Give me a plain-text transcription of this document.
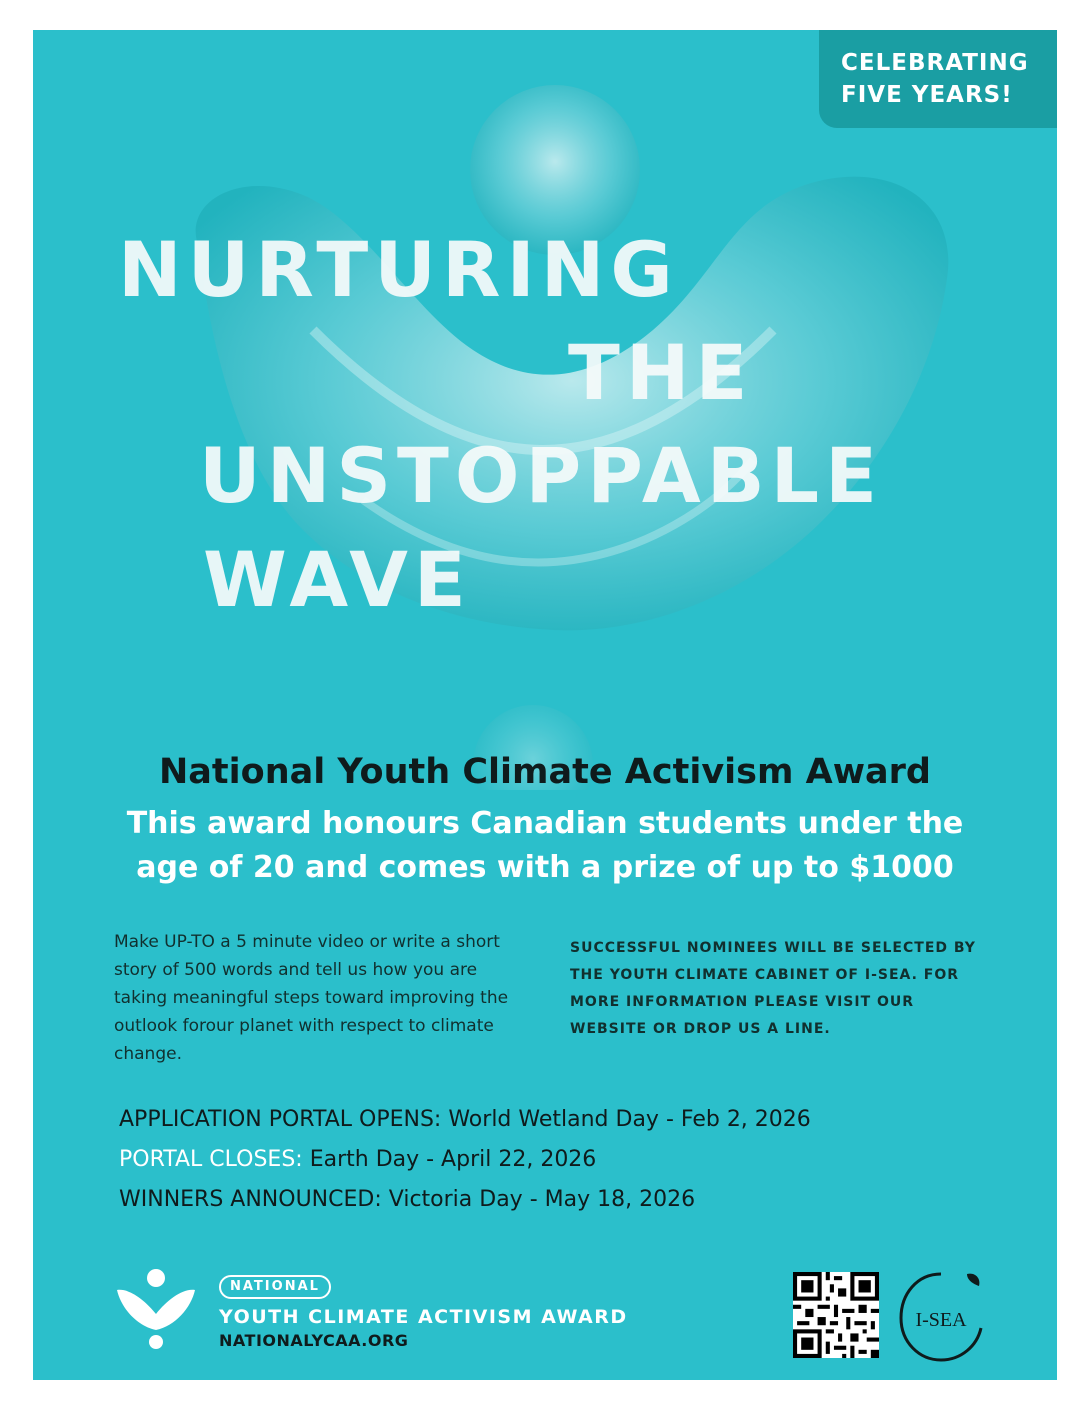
CELEBRATING
FIVE YEARS!
NURTURING
THE
UNSTOPPABLE
WAVE
National Youth Climate Activism Award
This award honours Canadian students under the age of 20 and comes with a prize of up to $1000
Make UP-TO a 5 minute video or write a short story of 500 words and tell us how you are taking meaningful steps toward improving the outlook forour planet with respect to climate change.
SUCCESSFUL NOMINEES WILL BE SELECTED BY THE YOUTH CLIMATE CABINET OF I-SEA. FOR MORE INFORMATION PLEASE VISIT OUR WEBSITE OR DROP US A LINE.
APPLICATION PORTAL OPENS: World Wetland Day - Feb 2, 2026
PORTAL CLOSES: Earth Day - April 22, 2026
WINNERS ANNOUNCED: Victoria Day - May 18, 2026
NATIONAL
YOUTH CLIMATE ACTIVISM AWARD
NATIONALYCAA.ORG
I-SEA
